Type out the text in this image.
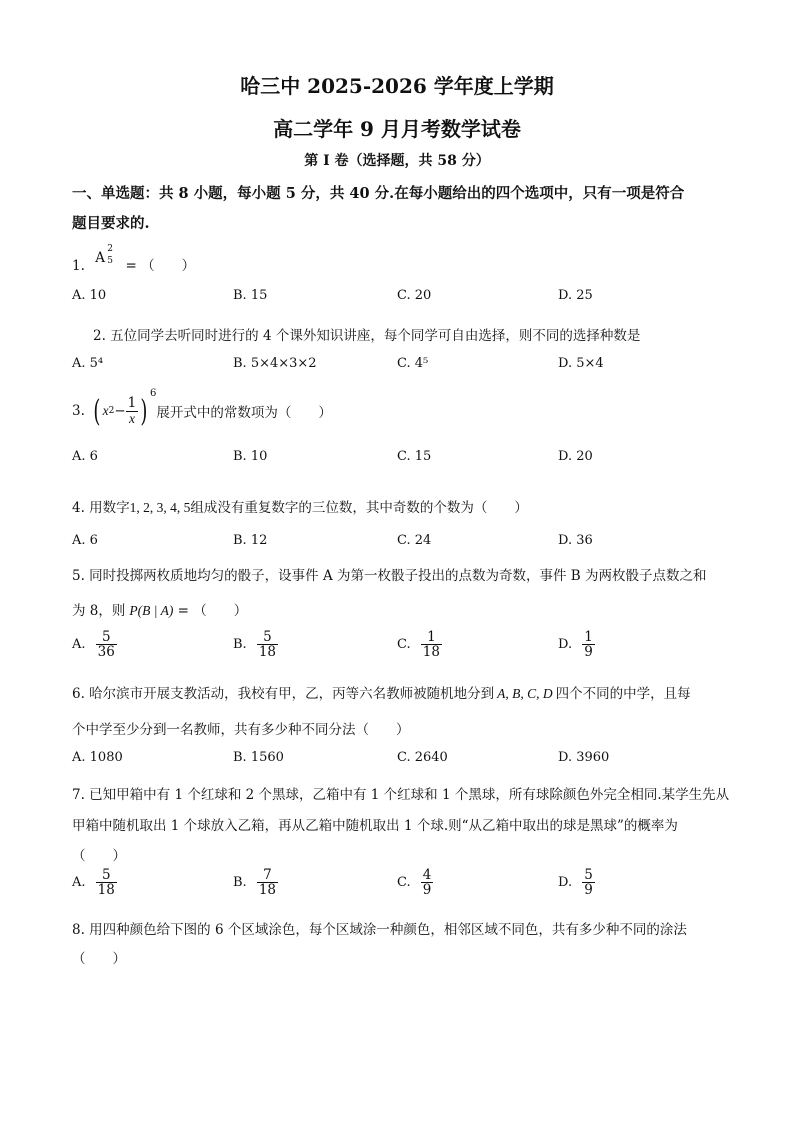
哈三中 2025-2026 学年度上学期
高二学年 9 月月考数学试卷
第 I 卷（选择题，共 58 分）
一、单选题：共 8 小题，每小题 5 分，共 40 分.在每小题给出的四个选项中，只有一项是符合
题目要求的.
1. A
2
5 = （　　）
A. 10	B. 15	C. 20	D. 25
2. 五位同学去听同时进行的 4 个课外知识讲座，每个同学可自由选择，则不同的选择种数是
A. 5⁴	B. 5×4×3×2	C. 4⁵	D. 5×4
3. ( x $2 - \frac{1}{x} )^6$
展开式中的常数项为（　　）
A. 6	B. 10	C. 15	D. 20
4. 用数字1, 2, 3, 4, 5组成没有重复数字的三位数，其中奇数的个数为（　　）
A. 6	B. 12	C. 24	D. 36
5. 同时投掷两枚质地均匀的骰子，设事件 A 为第一枚骰子投出的点数为奇数，事件 B 为两枚骰子点数之和
为 8，则 P(B | A) = （　　）
A. $\frac{5}{36}$	B. $\frac{5}{18}$	C. $\frac{1}{18}$	D. $\frac{1}{9}$
6. 哈尔滨市开展支教活动，我校有甲，乙，丙等六名教师被随机地分到 A, B, C, D 四个不同的中学，且每
个中学至少分到一名教师，共有多少种不同分法（　　）
A. 1080	B. 1560	C. 2640	D. 3960
7. 已知甲箱中有 1 个红球和 2 个黑球，乙箱中有 1 个红球和 1 个黑球，所有球除颜色外完全相同.某学生先从
甲箱中随机取出 1 个球放入乙箱，再从乙箱中随机取出 1 个球.则“从乙箱中取出的球是黑球”的概率为
（　　）
A. $\frac{5}{18}$	B. $\frac{7}{18}$	C. $\frac{4}{9}$	D. $\frac{5}{9}$
8. 用四种颜色给下图的 6 个区域涂色，每个区域涂一种颜色，相邻区域不同色，共有多少种不同的涂法
（　　）
